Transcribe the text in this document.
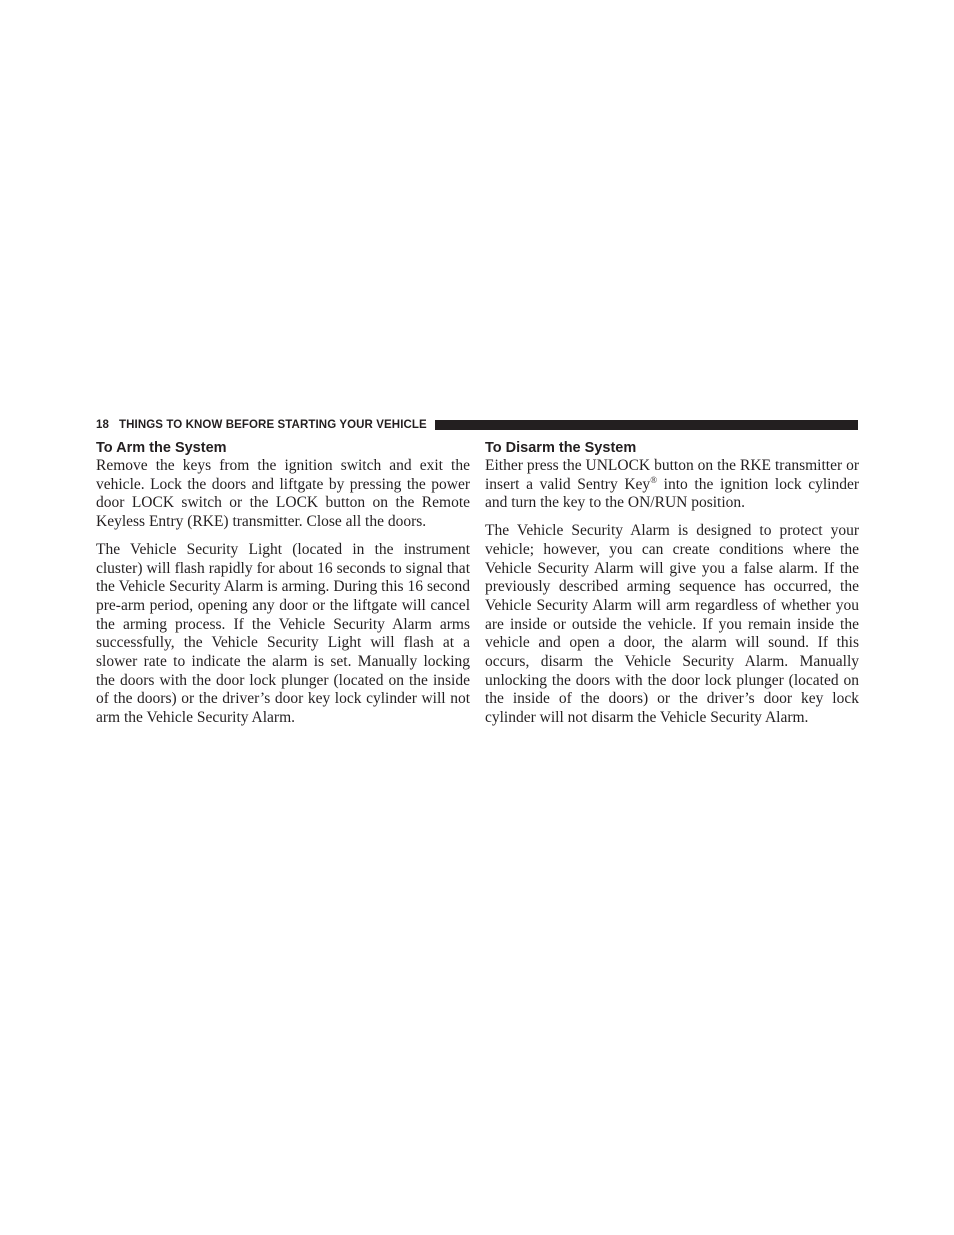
18 THINGS TO KNOW BEFORE STARTING YOUR VEHICLE
To Arm the System

Remove the keys from the ignition switch and exit the vehicle. Lock the doors and liftgate by pressing the power door LOCK switch or the LOCK button on the Remote Keyless Entry (RKE) transmitter. Close all the doors.

The Vehicle Security Light (located in the instrument cluster) will flash rapidly for about 16 seconds to signal that the Vehicle Security Alarm is arming. During this 16 second pre-arm period, opening any door or the liftgate will cancel the arming process. If the Vehicle Security Alarm arms successfully, the Vehicle Security Light will flash at a slower rate to indicate the alarm is set. Manually locking the doors with the door lock plunger (located on the inside of the doors) or the driver’s door key lock cylinder will not arm the Vehicle Security Alarm.

To Disarm the System

Either press the UNLOCK button on the RKE transmitter or insert a valid Sentry Key® into the ignition lock cylinder and turn the key to the ON/RUN position.

The Vehicle Security Alarm is designed to protect your vehicle; however, you can create conditions where the Vehicle Security Alarm will give you a false alarm. If the previously described arming sequence has occurred, the Vehicle Security Alarm will arm regardless of whether you are inside or outside the vehicle. If you remain inside the vehicle and open a door, the alarm will sound. If this occurs, disarm the Vehicle Security Alarm. Manually unlocking the doors with the door lock plunger (located on the inside of the doors) or the driver’s door key lock cylinder will not disarm the Vehicle Security Alarm.
